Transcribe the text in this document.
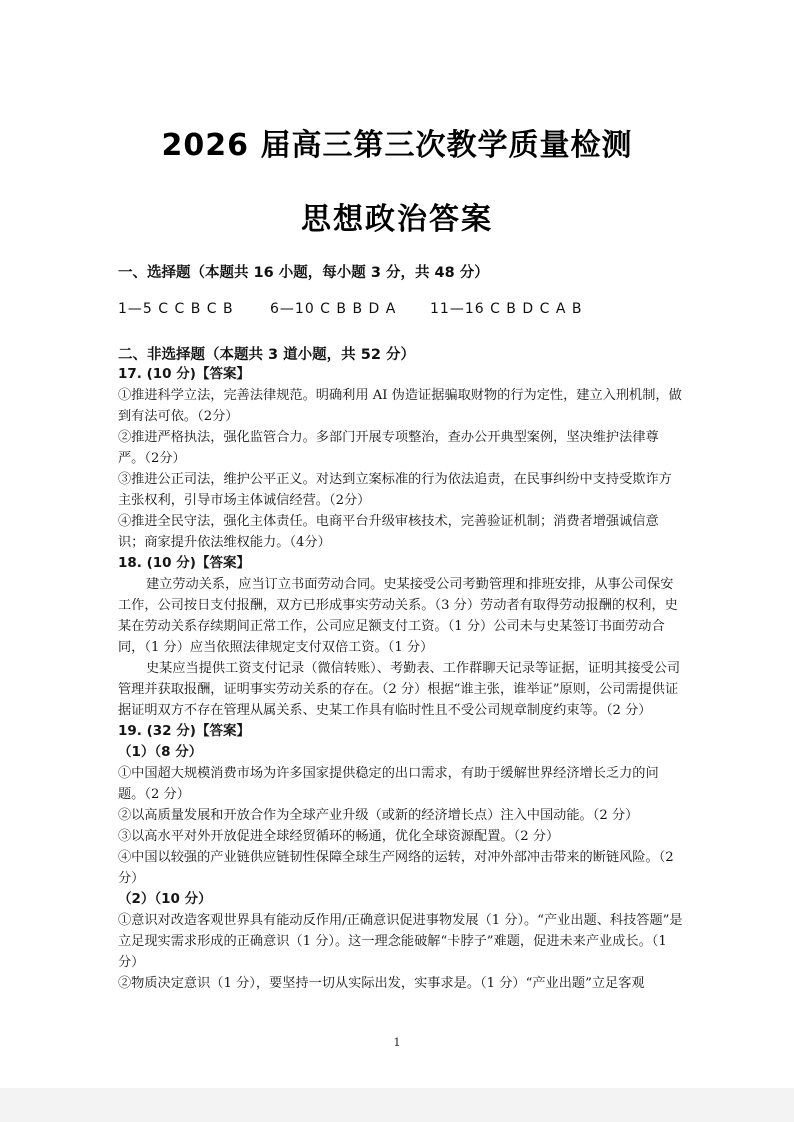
2026 届高三第三次教学质量检测
思想政治答案
一、选择题（本题共 16 小题，每小题 3 分，共 48 分）
1—5 C C B C B	6—10 C B B D A 11—16 C B D C A B
二、非选择题（本题共 3 道小题，共 52 分）

17. (10 分)【答案】

①推进科学立法，完善法律规范。明确利用 AI 伪造证据骗取财物的行为定性，建立入刑机制，做到有法可依。（2分）

②推进严格执法，强化监管合力。多部门开展专项整治，查办公开典型案例，坚决维护法律尊严。（2分）

③推进公正司法，维护公平正义。对达到立案标准的行为依法追责，在民事纠纷中支持受欺诈方主张权利，引导市场主体诚信经营。（2分）

④推进全民守法，强化主体责任。电商平台升级审核技术，完善验证机制；消费者增强诚信意识；商家提升依法维权能力。（4分）

18. (10 分)【答案】

建立劳动关系，应当订立书面劳动合同。史某接受公司考勤管理和排班安排，从事公司保安工作，公司按日支付报酬，双方已形成事实劳动关系。（3 分）劳动者有取得劳动报酬的权利，史某在劳动关系存续期间正常工作，公司应足额支付工资。（1 分）公司未与史某签订书面劳动合同，（1 分）应当依照法律规定支付双倍工资。（1 分）

史某应当提供工资支付记录（微信转账）、考勤表、工作群聊天记录等证据，证明其接受公司管理并获取报酬，证明事实劳动关系的存在。（2 分）根据“谁主张，谁举证”原则，公司需提供证据证明双方不存在管理从属关系、史某工作具有临时性且不受公司规章制度约束等。（2 分）

19. (32 分)【答案】

（1）（8 分）

①中国超大规模消费市场为许多国家提供稳定的出口需求，有助于缓解世界经济增长乏力的问题。（2 分）

②以高质量发展和开放合作为全球产业升级（或新的经济增长点）注入中国动能。（2 分）

③以高水平对外开放促进全球经贸循环的畅通，优化全球资源配置。（2 分）

④中国以较强的产业链供应链韧性保障全球生产网络的运转，对冲外部冲击带来的断链风险。（2 分）

（2）（10 分）

①意识对改造客观世界具有能动反作用/正确意识促进事物发展（1 分）。“产业出题、科技答题”是立足现实需求形成的正确意识（1 分）。这一理念能破解“卡脖子”难题，促进未来产业成长。（1 分）

②物质决定意识（1 分），要坚持一切从实际出发，实事求是。（1 分）“产业出题”立足客观

1
